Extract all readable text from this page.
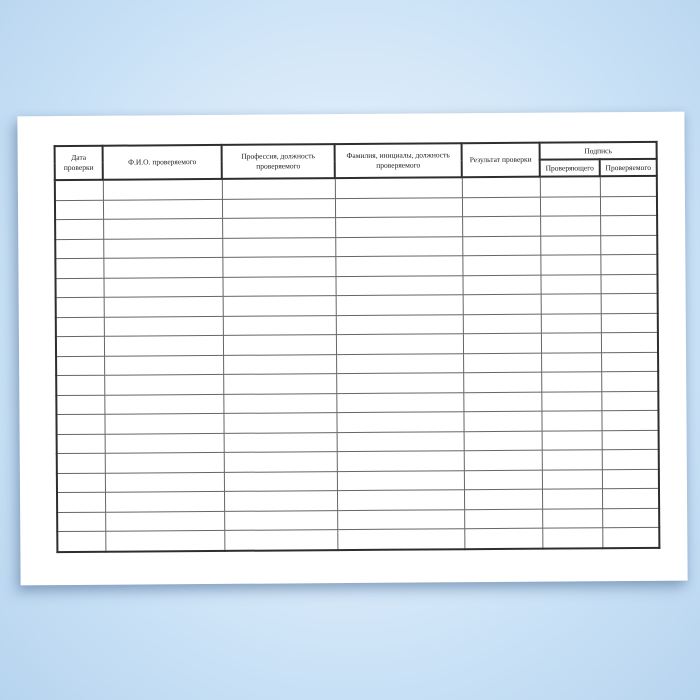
Дата проверки	Ф.И.О. проверяемого	Профессия, должность проверяемого	Фамилия, инициалы, должность проверяемого	Результат проверки	Подпись	
					Проверяющего	Проверяемого
